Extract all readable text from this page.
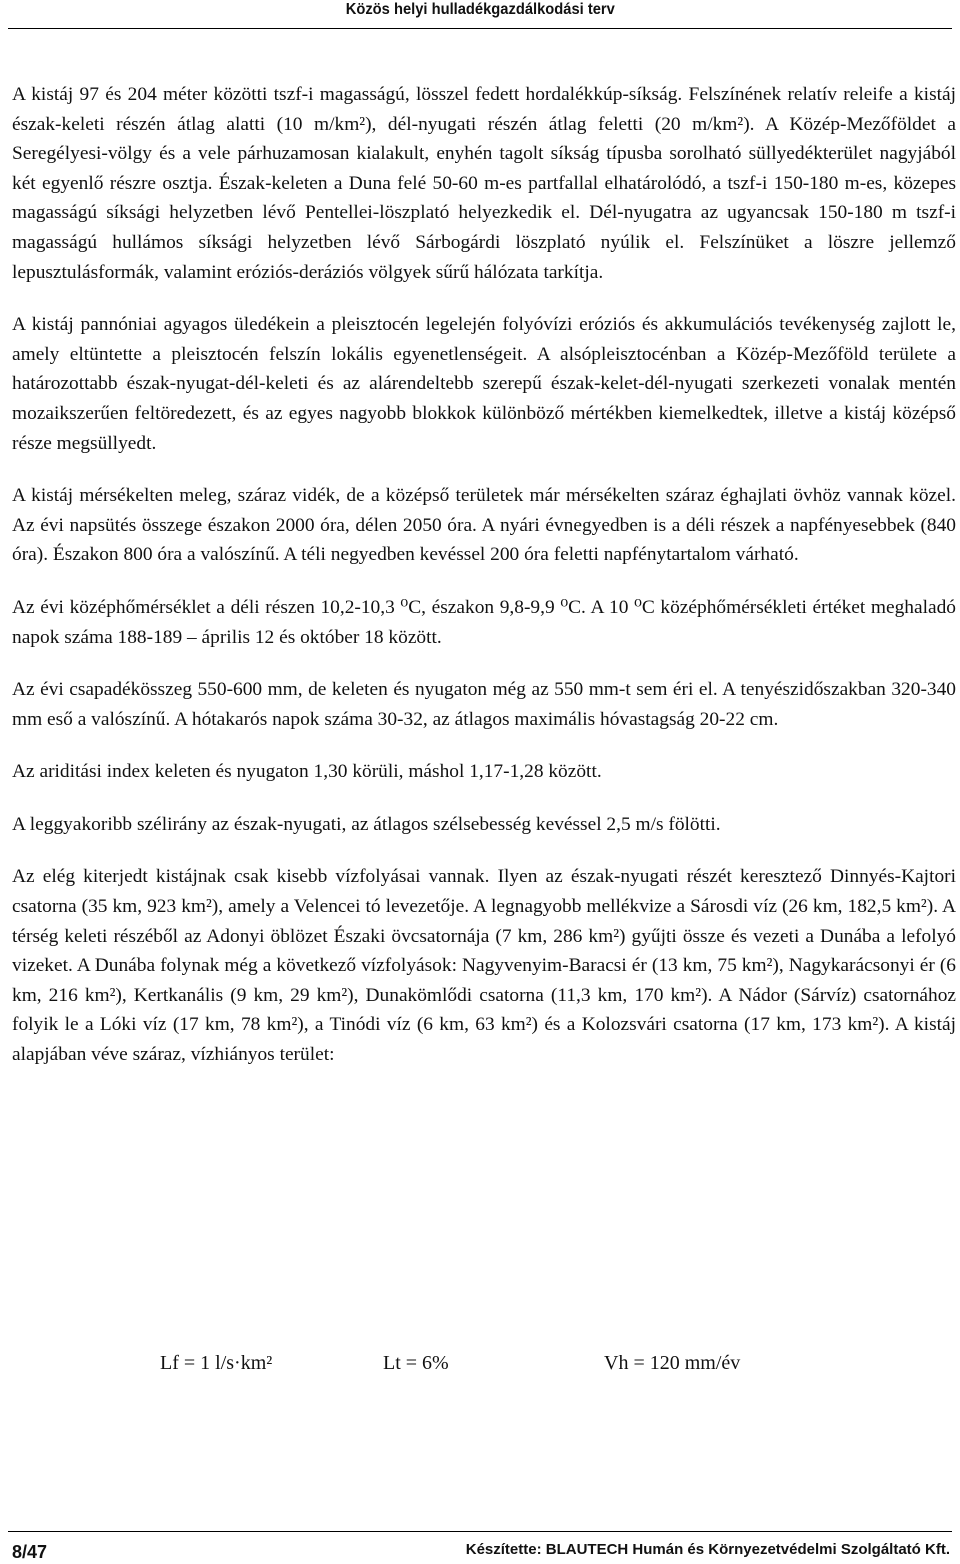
Közös helyi hulladékgazdálkodási terv

A kistáj 97 és 204 méter közötti tszf-i magasságú, lösszel fedett hordalékkúp-síkság. Felszínének relatív releife a kistáj észak-keleti részén átlag alatti (10 m/km²), dél-nyugati részén átlag feletti (20 m/km²). A Közép-Mezőföldet a Seregélyesi-völgy és a vele párhuzamosan kialakult, enyhén tagolt síkság típusba sorolható süllyedékterület nagyjából két egyenlő részre osztja. Észak-keleten a Duna felé 50-60 m-es partfallal elhatárolódó, a tszf-i 150-180 m-es, közepes magasságú síksági helyzetben lévő Pentellei-löszplató helyezkedik el. Dél-nyugatra az ugyancsak 150-180 m tszf-i magasságú hullámos síksági helyzetben lévő Sárbogárdi löszplató nyúlik el. Felszínüket a löszre jellemző lepusztulásformák, valamint eróziós-deráziós völgyek sűrű hálózata tarkítja.

A kistáj pannóniai agyagos üledékein a pleisztocén legelején folyóvízi eróziós és akkumulációs tevékenység zajlott le, amely eltüntette a pleisztocén felszín lokális egyenetlenségeit. A alsópleisztocénban a Közép-Mezőföld területe a határozottabb észak-nyugat-dél-keleti és az alárendeltebb szerepű észak-kelet-dél-nyugati szerkezeti vonalak mentén mozaikszerűen feltöredezett, és az egyes nagyobb blokkok különböző mértékben kiemelkedtek, illetve a kistáj középső része megsüllyedt.

A kistáj mérsékelten meleg, száraz vidék, de a középső területek már mérsékelten száraz éghajlati övhöz vannak közel. Az évi napsütés összege északon 2000 óra, délen 2050 óra. A nyári évnegyedben is a déli részek a napfényesebbek (840 óra). Északon 800 óra a valószínű. A téli negyedben kevéssel 200 óra feletti napfénytartalom várható.

Az évi középhőmérséklet a déli részen 10,2-10,3 ⁰C, északon 9,8-9,9 ⁰C. A 10 ⁰C középhőmérsékleti értéket meghaladó napok száma 188-189 – április 12 és október 18 között.

Az évi csapadékösszeg 550-600 mm, de keleten és nyugaton még az 550 mm-t sem éri el. A tenyészidőszakban 320-340 mm eső a valószínű. A hótakarós napok száma 30-32, az átlagos maximális hóvastagság 20-22 cm.

Az ariditási index keleten és nyugaton 1,30 körüli, máshol 1,17-1,28 között.

A leggyakoribb szélirány az észak-nyugati, az átlagos szélsebesség kevéssel 2,5 m/s fölötti.

Az elég kiterjedt kistájnak csak kisebb vízfolyásai vannak. Ilyen az észak-nyugati részét keresztező Dinnyés-Kajtori csatorna (35 km, 923 km²), amely a Velencei tó levezetője. A legnagyobb mellékvize a Sárosdi víz (26 km, 182,5 km²). A térség keleti részéből az Adonyi öblözet Északi övcsatornája (7 km, 286 km²) gyűjti össze és vezeti a Dunába a lefolyó vizeket. A Dunába folynak még a következő vízfolyások: Nagyvenyim-Baracsi ér (13 km, 75 km²), Nagykarácsonyi ér (6 km, 216 km²), Kertkanális (9 km, 29 km²), Dunakömlődi csatorna (11,3 km, 170 km²). A Nádor (Sárvíz) csatornához folyik le a Lóki víz (17 km, 78 km²), a Tinódi víz (6 km, 63 km²) és a Kolozsvári csatorna (17 km, 173 km²). A kistáj alapjában véve száraz, vízhiányos terület:

Lf = 1 l/s·km²	Lt = 6%	Vh = 120 mm/év
8/47	Készítette: BLAUTECH Humán és Környezetvédelmi Szolgáltató Kft.
